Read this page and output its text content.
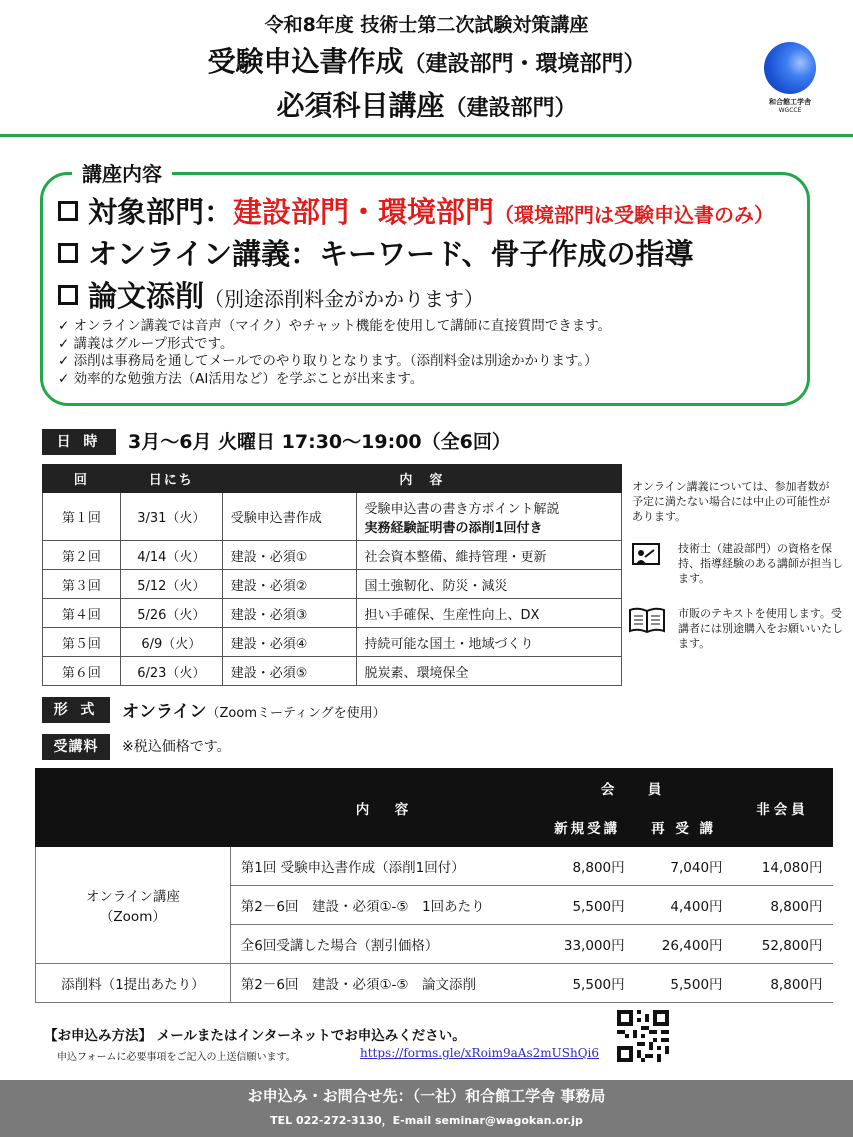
令和8年度 技術士第二次試験対策講座
受験申込書作成（建設部門・環境部門）
必須科目講座（建設部門）	和合館工学舎
WGCCE
講座内容
対象部門：建設部門・環境部門（環境部門は受験申込書のみ）
オンライン講義：キーワード、骨子作成の指導
論文添削（別途添削料金がかかります）
✓ オンライン講義では音声（マイク）やチャット機能を使用して講師に直接質問できます。
✓ 講義はグループ形式です。
✓ 添削は事務局を通してメールでのやり取りとなります。（添削料金は別途かかります。）
✓ 効率的な勉強方法（AI活用など）を学ぶことが出来ます。
日 時	3月〜6月 火曜日 17:30〜19:00（全6回）
回	日にち	内　容	
第１回	3/31（火）	受験申込書作成	受験申込書の書き方ポイント解説
実務経験証明書の添削1回付き

第２回	4/14（火）	建設・必須①	社会資本整備、維持管理・更新
第３回	5/12（火）	建設・必須②	国土強靭化、防災・減災
第４回	5/26（火）	建設・必須③	担い手確保、生産性向上、DX
第５回	6/9（火）	建設・必須④	持続可能な国土・地域づくり
第６回	6/23（火）	建設・必須⑤	脱炭素、環境保全
オンライン講義については、参加者数が予定に満たない場合には中止の可能性があります。
技術士（建設部門）の資格を保持、指導経験のある講師が担当します。
市販のテキストを使用します。受講者には別途購入をお願いいたします。
形 式	オンライン（Zoomミーティングを使用）
受講料	※税込価格です。
	内　容	会　員		非会員
		新規受講	再 受 講	

オンライン講座
（Zoom）	第1回 受験申込書作成（添削1回付）	8,800円	7,040円	14,080円
	第2－6回　建設・必須①-⑤　1回あたり	5,500円	4,400円	8,800円
	全6回受講した場合（割引価格）	33,000円	26,400円	52,800円
添削料（1提出あたり）	第2－6回　建設・必須①-⑤　論文添削	5,500円	5,500円	8,800円
【お申込み方法】 メールまたはインターネットでお申込みください。
申込フォームに必要事項をご記入の上送信願います。	https://forms.gle/xRoim9aAs2mUShQi6
お申込み・お問合せ先：（一社）和合館工学舎 事務局
TEL 022-272-3130，E-mail seminar@wagokan.or.jp
